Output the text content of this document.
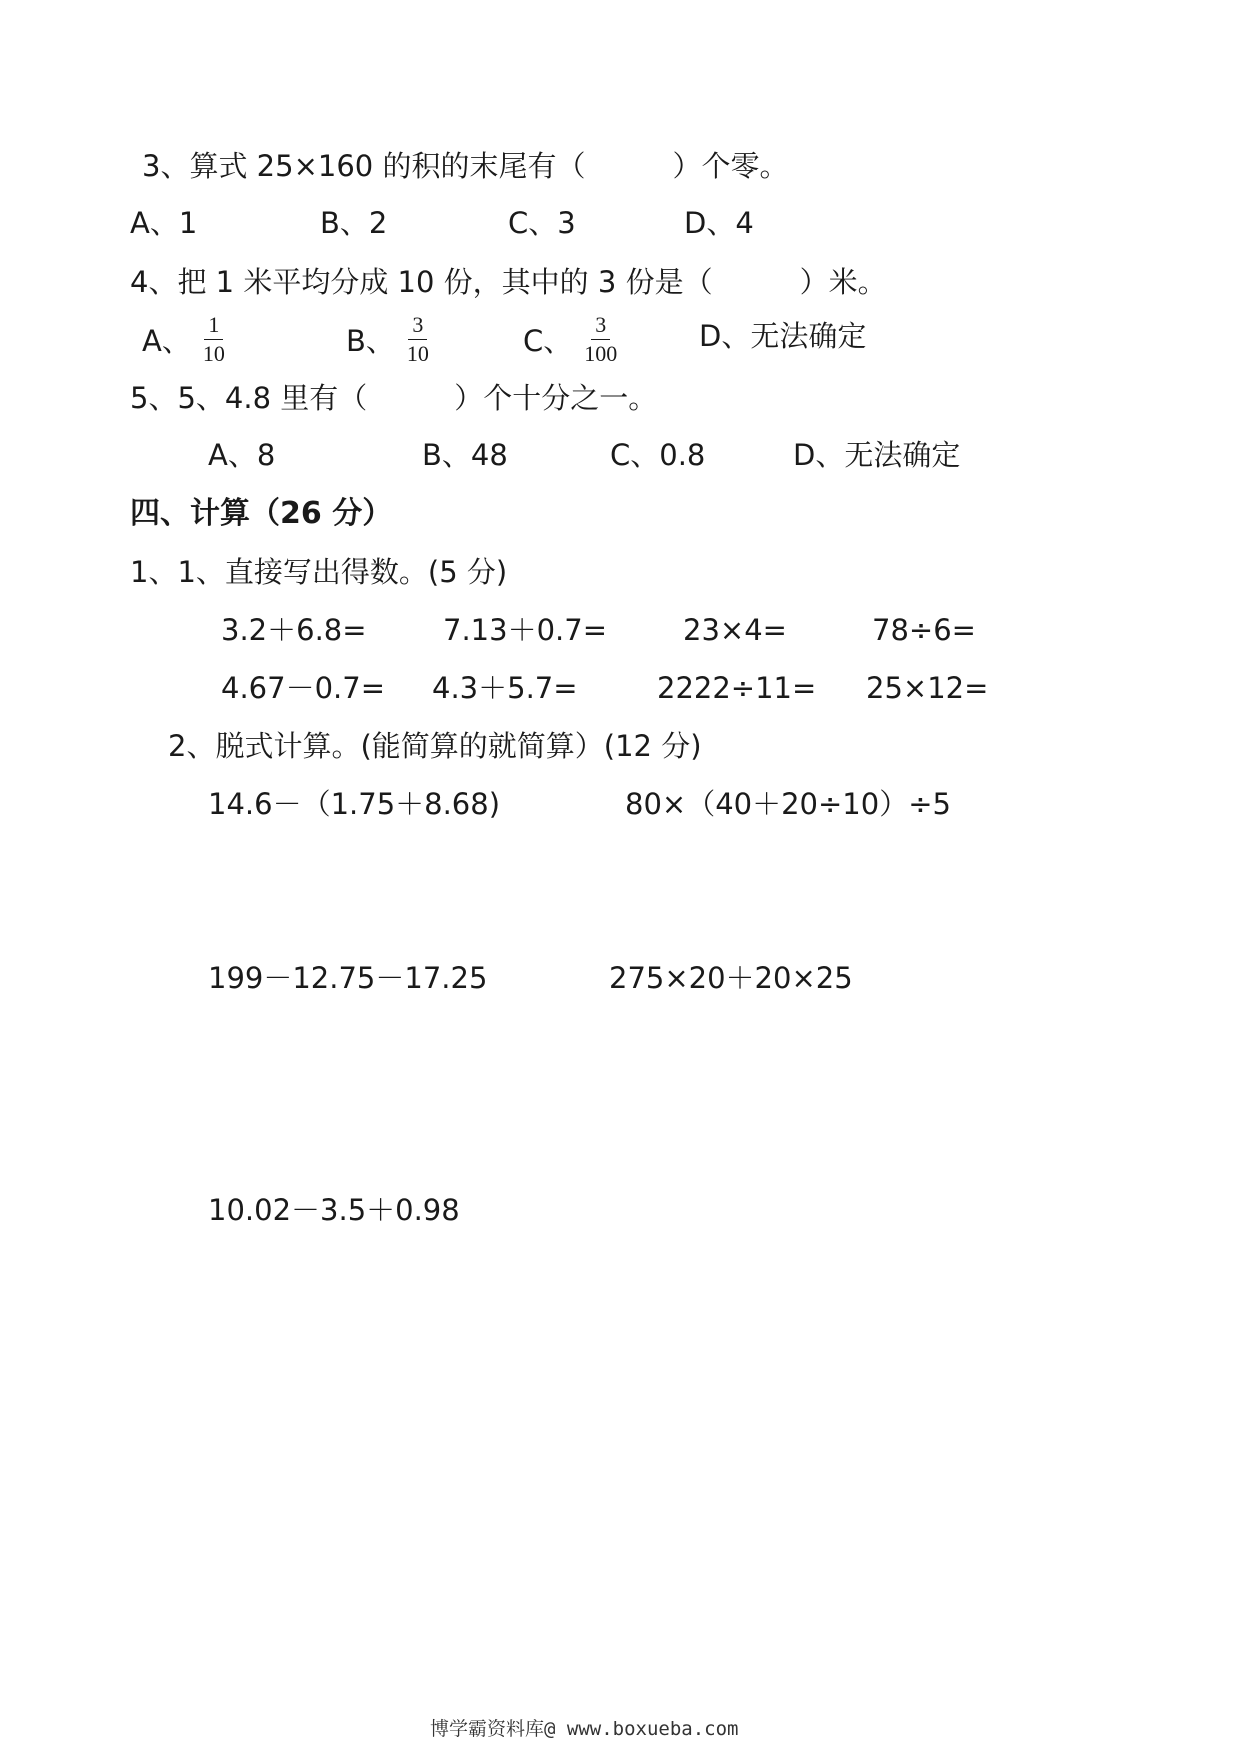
3、算式 25×160 的积的末尾有（　　　）个零。
A、1	B、2	C、3	D、4
4、把 1 米平均分成 10 份，其中的 3 份是（　　　）米。
A、 $\frac{1}{10}$	B、 $\frac{3}{10}$	C、 $\frac{3}{100}$	D、无法确定
5、5、4.8 里有（　　　）个十分之一。
A、8	B、48	C、0.8	D、无法确定
四、计算（26 分）
1、1、直接写出得数。(5 分)
3.2＋6.8=	7.13＋0.7=	23×4=	78÷6=
4.67－0.7= 4.3＋5.7=	2222÷11= 25×12=
2、脱式计算。(能简算的就简算）(12 分)
14.6－（1.75＋8.68)	80×（40＋20÷10）÷5
199－12.75－17.25	275×20＋20×25
10.02－3.5＋0.98
博学霸资料库@ www.boxueba.com
